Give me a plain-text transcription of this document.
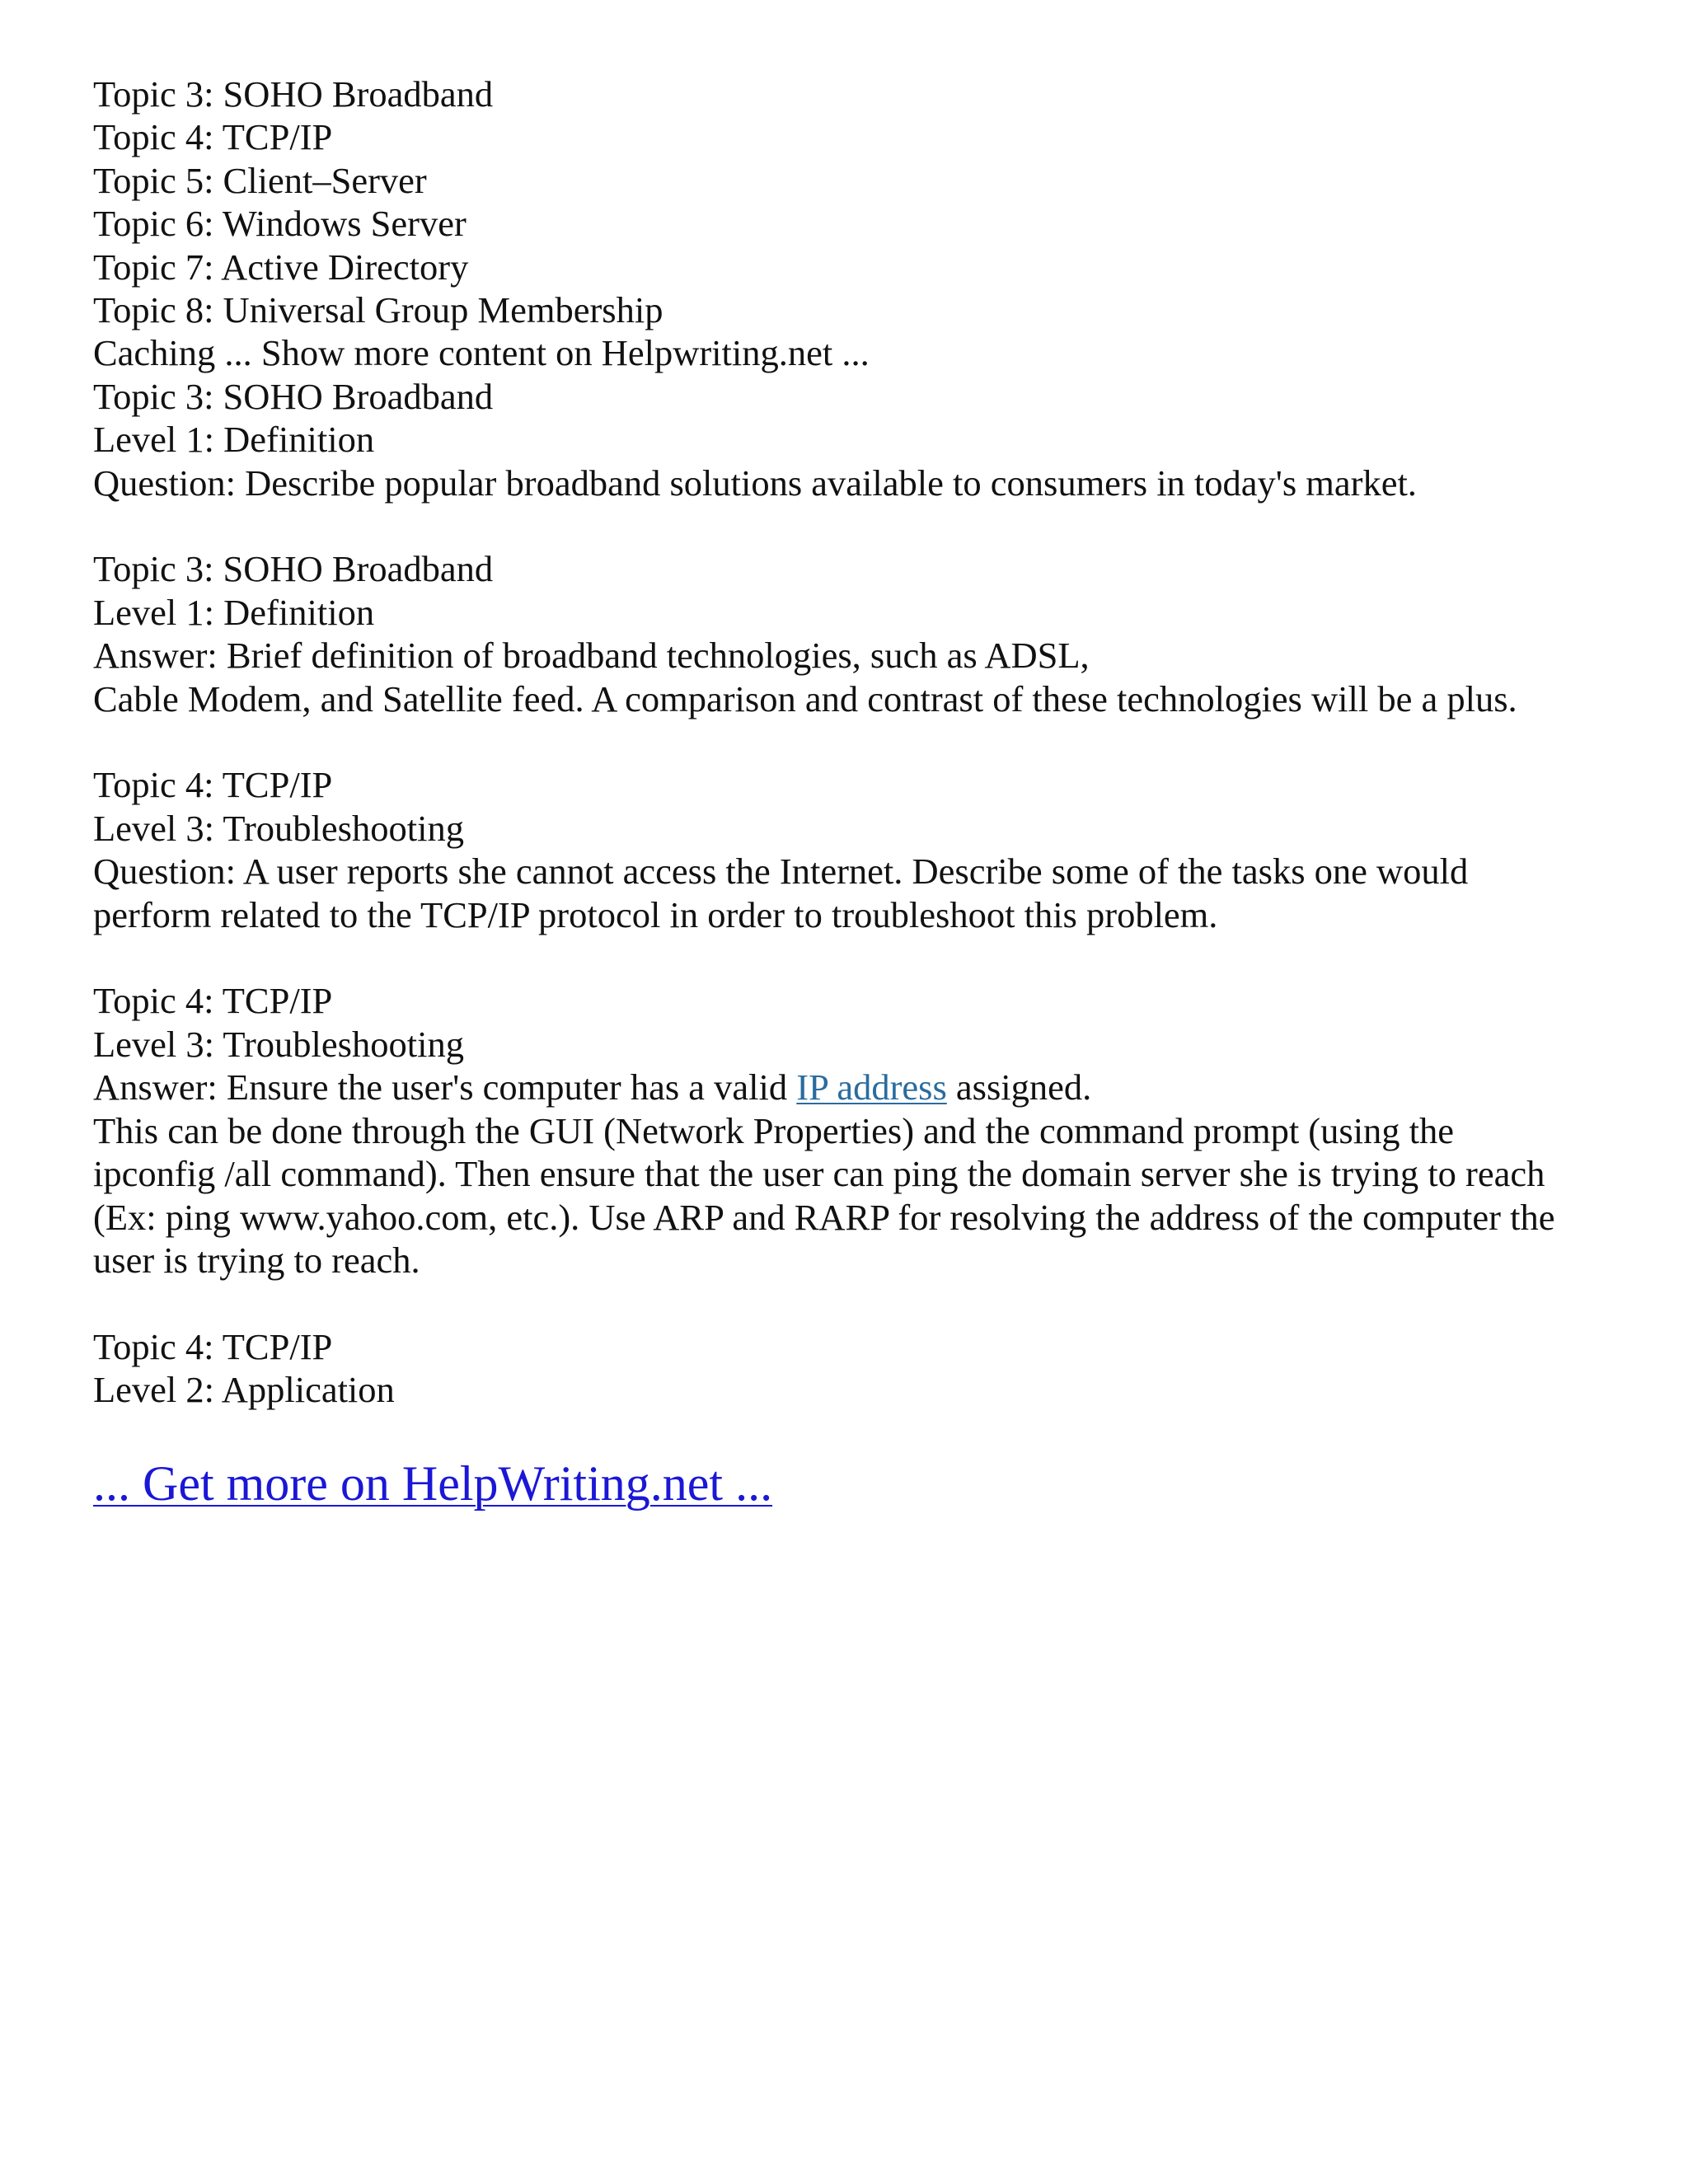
Topic 3: SOHO Broadband
Topic 4: TCP/IP
Topic 5: Client–Server
Topic 6: Windows Server
Topic 7: Active Directory
Topic 8: Universal Group Membership
Caching ... Show more content on Helpwriting.net ...
Topic 3: SOHO Broadband
Level 1: Definition
Question: Describe popular broadband solutions available to consumers in today's market.
Topic 3: SOHO Broadband
Level 1: Definition
Answer: Brief definition of broadband technologies, such as ADSL,
Cable Modem, and Satellite feed. A comparison and contrast of these technologies will be a plus.
Topic 4: TCP/IP
Level 3: Troubleshooting
Question: A user reports she cannot access the Internet. Describe some of the tasks one would
perform related to the TCP/IP protocol in order to troubleshoot this problem.
Topic 4: TCP/IP
Level 3: Troubleshooting
Answer: Ensure the user's computer has a valid IP address assigned.
This can be done through the GUI (Network Properties) and the command prompt (using the
ipconfig /all command). Then ensure that the user can ping the domain server she is trying to reach
(Ex: ping www.yahoo.com, etc.). Use ARP and RARP for resolving the address of the computer the
user is trying to reach.
Topic 4: TCP/IP
Level 2: Application
... Get more on HelpWriting.net ...
